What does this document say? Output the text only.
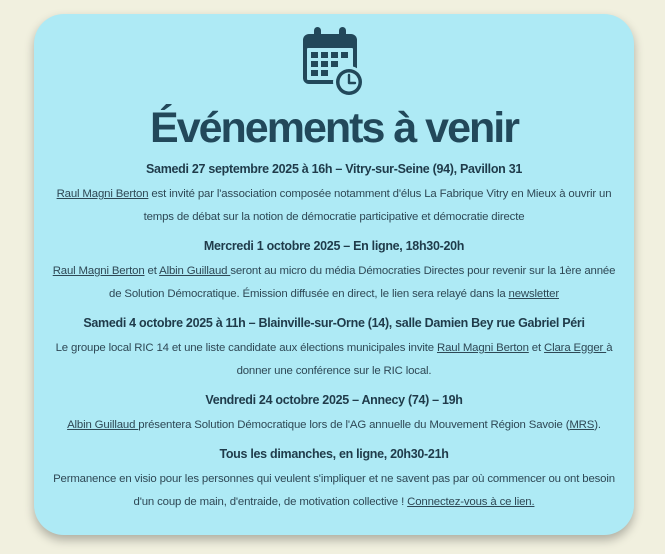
Événements à venir
Samedi 27 septembre 2025 à 16h – Vitry-sur-Seine (94), Pavillon 31
Raul Magni Berton est invité par l'association composée notamment d'élus La Fabrique Vitry en Mieux à ouvrir un temps de débat sur la notion de démocratie participative et démocratie directe
Mercredi 1 octobre 2025 – En ligne, 18h30-20h
Raul Magni Berton et Albin Guillaud seront au micro du média Démocraties Directes pour revenir sur la 1ère année de Solution Démocratique. Émission diffusée en direct, le lien sera relayé dans la newsletter
Samedi 4 octobre 2025 à 11h – Blainville-sur-Orne (14), salle Damien Bey rue Gabriel Péri
Le groupe local RIC 14 et une liste candidate aux élections municipales invite Raul Magni Berton et Clara Egger à donner une conférence sur le RIC local.
Vendredi 24 octobre 2025 – Annecy (74) – 19h
Albin Guillaud présentera Solution Démocratique lors de l'AG annuelle du Mouvement Région Savoie (MRS).
Tous les dimanches, en ligne, 20h30-21h
Permanence en visio pour les personnes qui veulent s'impliquer et ne savent pas par où commencer ou ont besoin d'un coup de main, d'entraide, de motivation collective ! Connectez-vous à ce lien.
